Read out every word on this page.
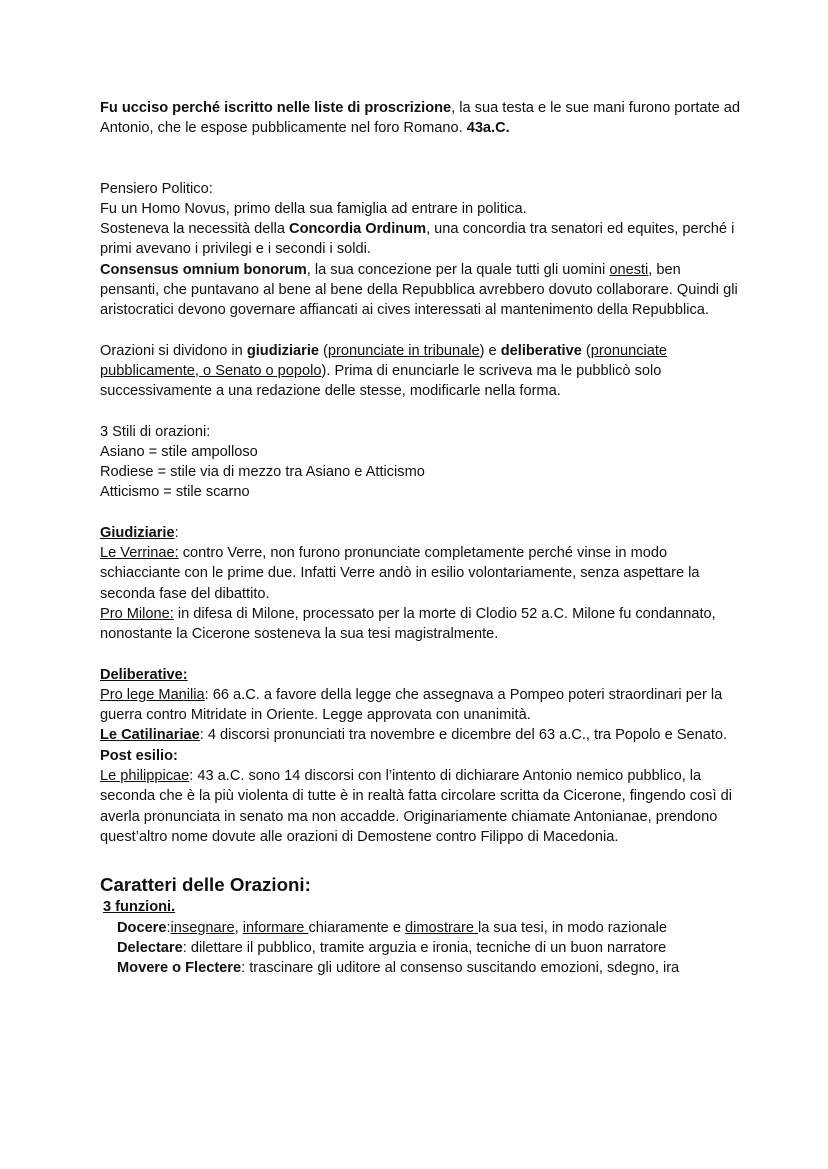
Fu ucciso perché iscritto nelle liste di proscrizione, la sua testa e le sue mani furono portate ad Antonio, che le espose pubblicamente nel foro Romano. 43a.C.

Pensiero Politico:

Fu un Homo Novus, primo della sua famiglia ad entrare in politica.

Sosteneva la necessità della Concordia Ordinum, una concordia tra senatori ed equites, perché i primi avevano i privilegi e i secondi i soldi.

Consensus omnium bonorum, la sua concezione per la quale tutti gli uomini onesti, ben pensanti, che puntavano al bene al bene della Repubblica avrebbero dovuto collaborare. Quindi gli aristocratici devono governare affiancati ai cives interessati al mantenimento della Repubblica.

Orazioni si dividono in giudiziarie (pronunciate in tribunale) e deliberative (pronunciate pubblicamente, o Senato o popolo). Prima di enunciarle le scriveva ma le pubblicò solo successivamente a una redazione delle stesse, modificarle nella forma.

3 Stili di orazioni:

Asiano = stile ampolloso

Rodiese = stile via di mezzo tra Asiano e Atticismo

Atticismo = stile scarno

Giudiziarie:

Le Verrinae: contro Verre, non furono pronunciate completamente perché vinse in modo schiacciante con le prime due. Infatti Verre andò in esilio volontariamente, senza aspettare la seconda fase del dibattito.

Pro Milone: in difesa di Milone, processato per la morte di Clodio 52 a.C. Milone fu condannato, nonostante la Cicerone sosteneva la sua tesi magistralmente.

Deliberative:

Pro lege Manilia: 66 a.C. a favore della legge che assegnava a Pompeo poteri straordinari per la guerra contro Mitridate in Oriente. Legge approvata con unanimità.

Le Catilinariae: 4 discorsi pronunciati tra novembre e dicembre del 63 a.C., tra Popolo e Senato.

Post esilio:

Le philippicae: 43 a.C. sono 14 discorsi con l’intento di dichiarare Antonio nemico pubblico, la seconda che è la più violenta di tutte è in realtà fatta circolare scritta da Cicerone, fingendo così di averla pronunciata in senato ma non accadde. Originariamente chiamate Antonianae, prendono quest’altro nome dovute alle orazioni di Demostene contro Filippo di Macedonia.

Caratteri delle Orazioni:

3 funzioni.

Docere:insegnare, informare chiaramente e dimostrare la sua tesi, in modo razionale

Delectare: dilettare il pubblico, tramite arguzia e ironia, tecniche di un buon narratore

Movere o Flectere: trascinare gli uditore al consenso suscitando emozioni, sdegno, ira
